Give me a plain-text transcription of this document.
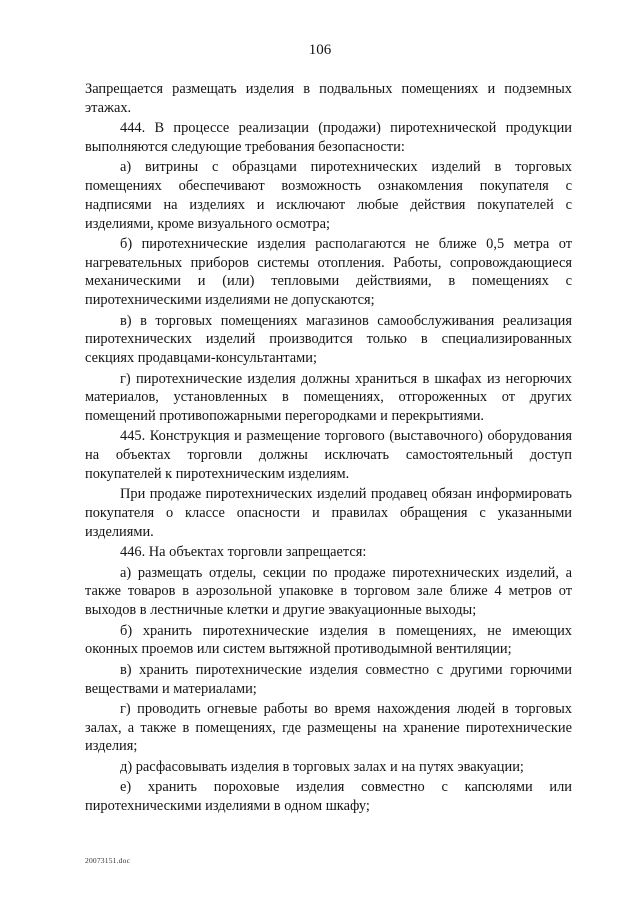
106

Запрещается размещать изделия в подвальных помещениях и подземных этажах.

444. В процессе реализации (продажи) пиротехнической продукции выполняются следующие требования безопасности:

а) витрины с образцами пиротехнических изделий в торговых помещениях обеспечивают возможность ознакомления покупателя с надписями на изделиях и исключают любые действия покупателей с изделиями, кроме визуального осмотра;

б) пиротехнические изделия располагаются не ближе 0,5 метра от нагревательных приборов системы отопления. Работы, сопровождающиеся механическими и (или) тепловыми действиями, в помещениях с пиротехническими изделиями не допускаются;

в) в торговых помещениях магазинов самообслуживания реализация пиротехнических изделий производится только в специализированных секциях продавцами-консультантами;

г) пиротехнические изделия должны храниться в шкафах из негорючих материалов, установленных в помещениях, отгороженных от других помещений противопожарными перегородками и перекрытиями.

445. Конструкция и размещение торгового (выставочного) оборудования на объектах торговли должны исключать самостоятельный доступ покупателей к пиротехническим изделиям.

При продаже пиротехнических изделий продавец обязан информировать покупателя о классе опасности и правилах обращения с указанными изделиями.

446. На объектах торговли запрещается:

а) размещать отделы, секции по продаже пиротехнических изделий, а также товаров в аэрозольной упаковке в торговом зале ближе 4 метров от выходов в лестничные клетки и другие эвакуационные выходы;

б) хранить пиротехнические изделия в помещениях, не имеющих оконных проемов или систем вытяжной противодымной вентиляции;

в) хранить пиротехнические изделия совместно с другими горючими веществами и материалами;

г) проводить огневые работы во время нахождения людей в торговых залах, а также в помещениях, где размещены на хранение пиротехнические изделия;

д) расфасовывать изделия в торговых залах и на путях эвакуации;

е) хранить пороховые изделия совместно с капсюлями или пиротехническими изделиями в одном шкафу;

20073151.doc
